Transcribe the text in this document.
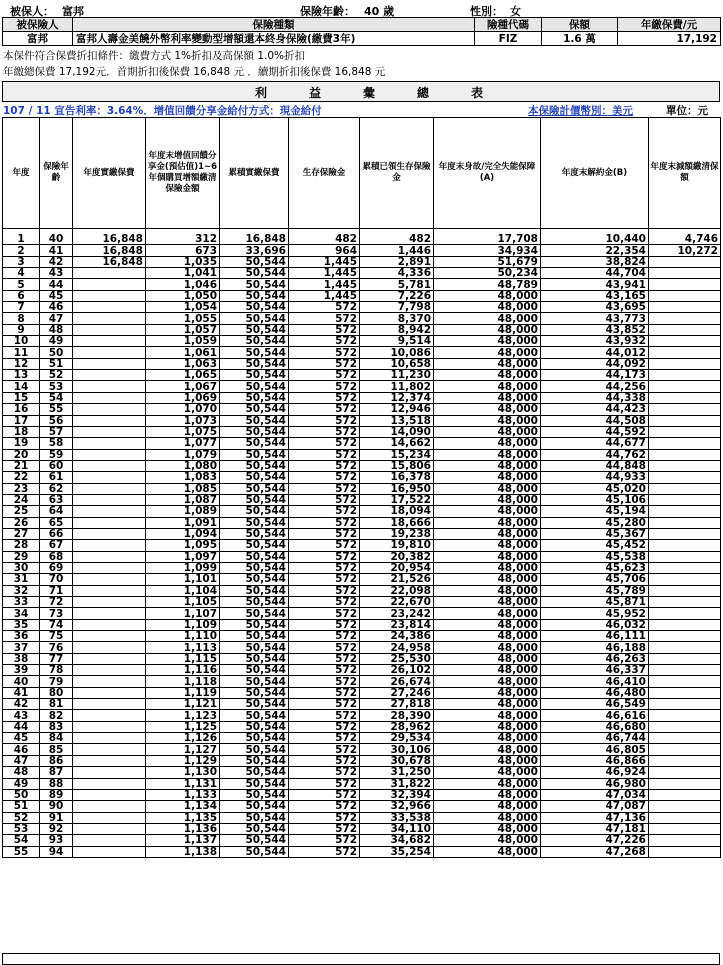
被保人： 富邦	保險年齡： 40 歲	性別： 女
被保險人	保險種類	險種代碼	保額	年繳保費/元
富邦	富邦人壽金美饒外幣利率變動型增額還本終身保險(繳費3年)	FIZ	1.6 萬	17,192
本保件符合保費折扣條件：繳費方式 1%折扣及高保額 1.0%折扣
年繳總保費 17,192元．首期折扣後保費 16,848 元 ．續期折扣後保費 16,848 元
利	益	彙	總	表
107 / 11 宣告利率：3.64%．增值回饋分享金給付方式：現金給付	本保險計價幣別：美元	單位：元
年度	保險年齡	年度實繳保費	年度末增值回饋分享金(預估值)1~6年個購買增額繳清保險金額	累積實繳保費	生存保險金	累積已領生存保險金	年度末身故/完全失能保障(A)	年度末解約金(B)	年度末減額繳清保額

1	40	16,848	312	16,848	482	482	17,708	10,440	4,746
2	41	16,848	673	33,696	964	1,446	34,934	22,354	10,272
3	42	16,848	1,035	50,544	1,445	2,891	51,679	38,824	
4	43		1,041	50,544	1,445	4,336	50,234	44,704	
5	44		1,046	50,544	1,445	5,781	48,789	43,941	
6	45		1,050	50,544	1,445	7,226	48,000	43,165	
7	46		1,054	50,544	572	7,798	48,000	43,695	
8	47		1,055	50,544	572	8,370	48,000	43,773	
9	48		1,057	50,544	572	8,942	48,000	43,852	
10	49		1,059	50,544	572	9,514	48,000	43,932	
11	50		1,061	50,544	572	10,086	48,000	44,012	
12	51		1,063	50,544	572	10,658	48,000	44,092	
13	52		1,065	50,544	572	11,230	48,000	44,173	
14	53		1,067	50,544	572	11,802	48,000	44,256	
15	54		1,069	50,544	572	12,374	48,000	44,338	
16	55		1,070	50,544	572	12,946	48,000	44,423	
17	56		1,073	50,544	572	13,518	48,000	44,508	
18	57		1,075	50,544	572	14,090	48,000	44,592	
19	58		1,077	50,544	572	14,662	48,000	44,677	
20	59		1,079	50,544	572	15,234	48,000	44,762	
21	60		1,080	50,544	572	15,806	48,000	44,848	
22	61		1,083	50,544	572	16,378	48,000	44,933	
23	62		1,085	50,544	572	16,950	48,000	45,020	
24	63		1,087	50,544	572	17,522	48,000	45,106	
25	64		1,089	50,544	572	18,094	48,000	45,194	
26	65		1,091	50,544	572	18,666	48,000	45,280	
27	66		1,094	50,544	572	19,238	48,000	45,367	
28	67		1,095	50,544	572	19,810	48,000	45,452	
29	68		1,097	50,544	572	20,382	48,000	45,538	
30	69		1,099	50,544	572	20,954	48,000	45,623	
31	70		1,101	50,544	572	21,526	48,000	45,706	
32	71		1,104	50,544	572	22,098	48,000	45,789	
33	72		1,105	50,544	572	22,670	48,000	45,871	
34	73		1,107	50,544	572	23,242	48,000	45,952	
35	74		1,109	50,544	572	23,814	48,000	46,032	
36	75		1,110	50,544	572	24,386	48,000	46,111	
37	76		1,113	50,544	572	24,958	48,000	46,188	
38	77		1,115	50,544	572	25,530	48,000	46,263	
39	78		1,116	50,544	572	26,102	48,000	46,337	
40	79		1,118	50,544	572	26,674	48,000	46,410	
41	80		1,119	50,544	572	27,246	48,000	46,480	
42	81		1,121	50,544	572	27,818	48,000	46,549	
43	82		1,123	50,544	572	28,390	48,000	46,616	
44	83		1,125	50,544	572	28,962	48,000	46,680	
45	84		1,126	50,544	572	29,534	48,000	46,744	
46	85		1,127	50,544	572	30,106	48,000	46,805	
47	86		1,129	50,544	572	30,678	48,000	46,866	
48	87		1,130	50,544	572	31,250	48,000	46,924	
49	88		1,131	50,544	572	31,822	48,000	46,980	
50	89		1,133	50,544	572	32,394	48,000	47,034	
51	90		1,134	50,544	572	32,966	48,000	47,087	
52	91		1,135	50,544	572	33,538	48,000	47,136	
53	92		1,136	50,544	572	34,110	48,000	47,181	
54	93		1,137	50,544	572	34,682	48,000	47,226	
55	94		1,138	50,544	572	35,254	48,000	47,268	
